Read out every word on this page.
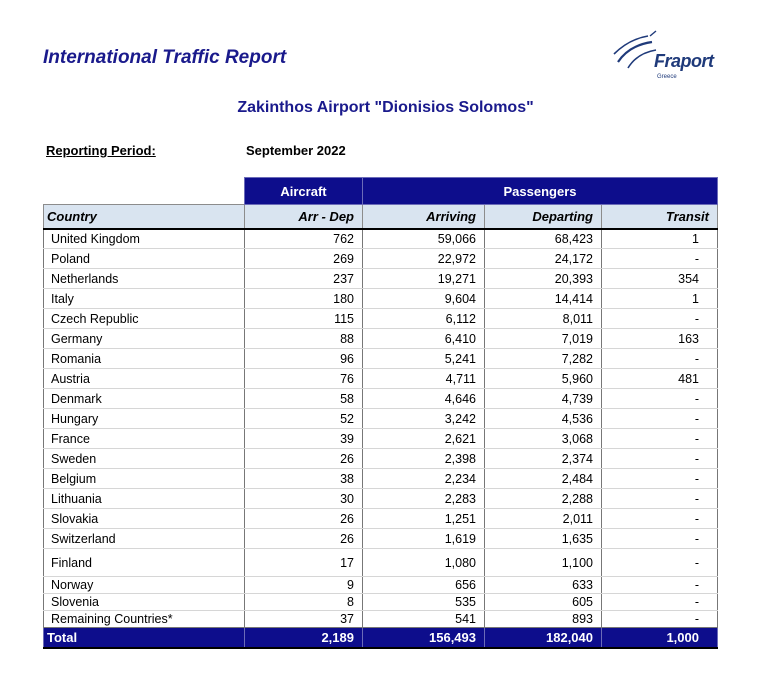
International Traffic Report	Fraport
Greece
Zakinthos Airport "Dionisios Solomos"
Reporting Period:	September 2022
	Aircraft	Passengers		
Country	Arr - Dep	Arriving	Departing	Transit
United Kingdom	762	59,066	68,423	1
Poland	269	22,972	24,172	-
Netherlands	237	19,271	20,393	354
Italy	180	9,604	14,414	1
Czech Republic	115	6,112	8,011	-
Germany	88	6,410	7,019	163
Romania	96	5,241	7,282	-
Austria	76	4,711	5,960	481
Denmark	58	4,646	4,739	-
Hungary	52	3,242	4,536	-
France	39	2,621	3,068	-
Sweden	26	2,398	2,374	-
Belgium	38	2,234	2,484	-
Lithuania	30	2,283	2,288	-
Slovakia	26	1,251	2,011	-
Switzerland	26	1,619	1,635	-
Finland	17	1,080	1,100	-
Norway	9	656	633	-
Slovenia	8	535	605	-
Remaining Countries*	37	541	893	-
Total	2,189	156,493	182,040	1,000
